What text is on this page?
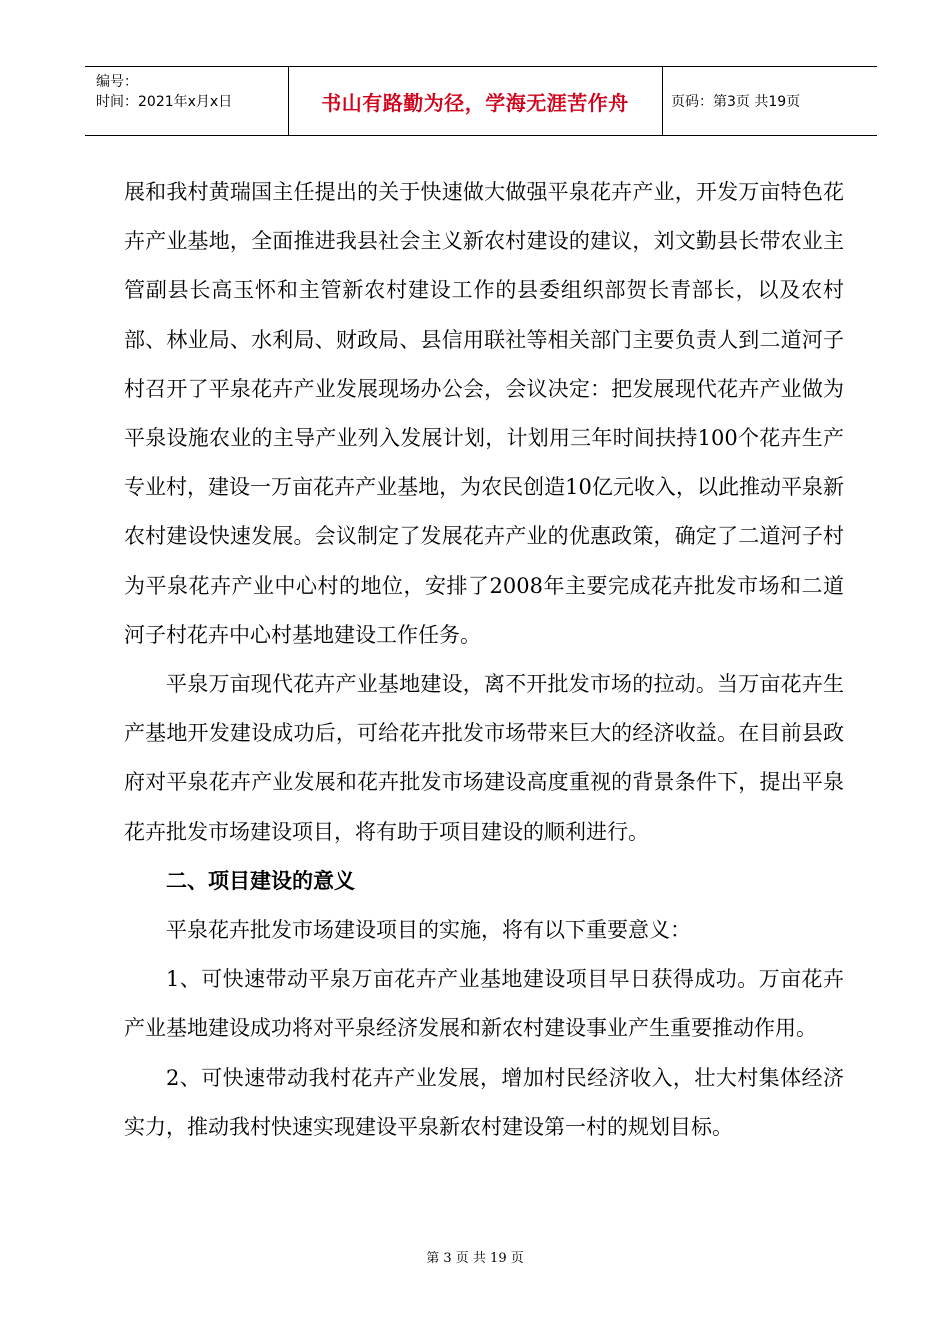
编号：
时间：2021年x月x日	书山有路勤为径，学海无涯苦作舟	页码：第3页 共19页

展和我村黄瑞国主任提出的关于快速做大做强平泉花卉产业，开发万亩特色花卉产业基地，全面推进我县社会主义新农村建设的建议，刘文勤县长带农业主管副县长高玉怀和主管新农村建设工作的县委组织部贺长青部长，以及农村部、林业局、水利局、财政局、县信用联社等相关部门主要负责人到二道河子村召开了平泉花卉产业发展现场办公会，会议决定：把发展现代花卉产业做为平泉设施农业的主导产业列入发展计划，计划用三年时间扶持100个花卉生产专业村，建设一万亩花卉产业基地，为农民创造10亿元收入，以此推动平泉新农村建设快速发展。会议制定了发展花卉产业的优惠政策，确定了二道河子村为平泉花卉产业中心村的地位，安排了2008年主要完成花卉批发市场和二道河子村花卉中心村基地建设工作任务。

平泉万亩现代花卉产业基地建设，离不开批发市场的拉动。当万亩花卉生产基地开发建设成功后，可给花卉批发市场带来巨大的经济收益。在目前县政府对平泉花卉产业发展和花卉批发市场建设高度重视的背景条件下，提出平泉花卉批发市场建设项目，将有助于项目建设的顺利进行。

二、项目建设的意义

平泉花卉批发市场建设项目的实施，将有以下重要意义：

1、可快速带动平泉万亩花卉产业基地建设项目早日获得成功。万亩花卉产业基地建设成功将对平泉经济发展和新农村建设事业产生重要推动作用。

2、可快速带动我村花卉产业发展，增加村民经济收入，壮大村集体经济实力，推动我村快速实现建设平泉新农村建设第一村的规划目标。

第 3 页 共 19 页
